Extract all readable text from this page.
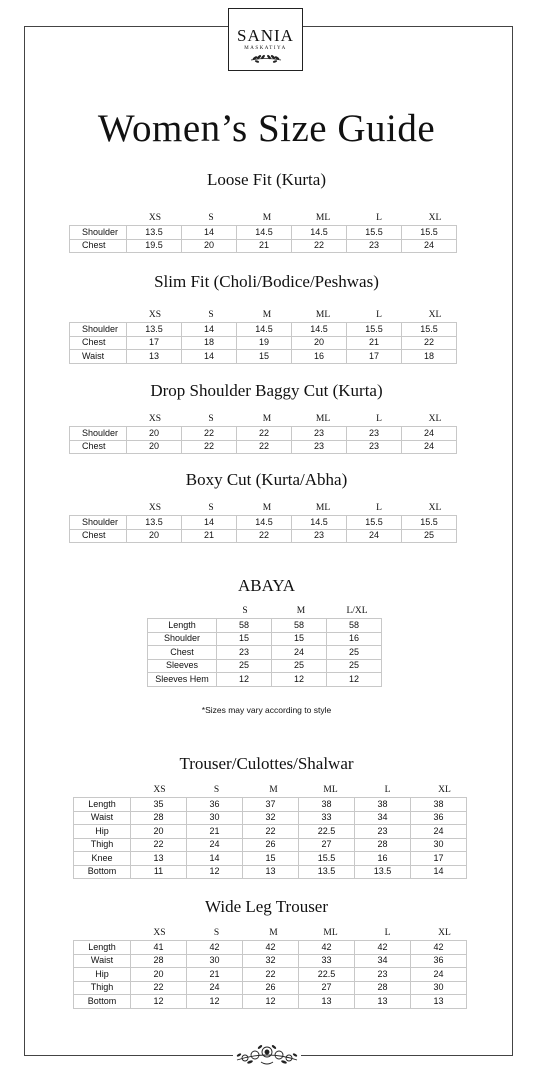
SANIA
MASKATIYA
Women’s Size Guide
Loose Fit (Kurta)
XS	S	M	ML	L	XL
Shoulder	13.5	14	14.5	14.5	15.5	15.5
Chest	19.5	20	21	22	23	24
Slim Fit (Choli/Bodice/Peshwas)
XS	S	M	ML	L	XL
Shoulder	13.5	14	14.5	14.5	15.5	15.5
Chest	17	18	19	20	21	22
Waist	13	14	15	16	17	18
Drop Shoulder Baggy Cut (Kurta)
XS	S	M	ML	L	XL
Shoulder	20	22	22	23	23	24
Chest	20	22	22	23	23	24
Boxy Cut (Kurta/Abha)
XS	S	M	ML	L	XL
Shoulder	13.5	14	14.5	14.5	15.5	15.5
Chest	20	21	22	23	24	25
ABAYA
S	M	L/XL
Length	58	58	58
Shoulder	15	15	16
Chest	23	24	25
Sleeves	25	25	25
Sleeves Hem	12	12	12
*Sizes may vary according to style
Trouser/Culottes/Shalwar
XS	S	M	ML	L	XL
Length	35	36	37	38	38	38
Waist	28	30	32	33	34	36
Hip	20	21	22	22.5	23	24
Thigh	22	24	26	27	28	30
Knee	13	14	15	15.5	16	17
Bottom	11	12	13	13.5	13.5	14
Wide Leg Trouser
XS	S	M	ML	L	XL
Length	41	42	42	42	42	42
Waist	28	30	32	33	34	36
Hip	20	21	22	22.5	23	24
Thigh	22	24	26	27	28	30
Bottom	12	12	12	13	13	13
